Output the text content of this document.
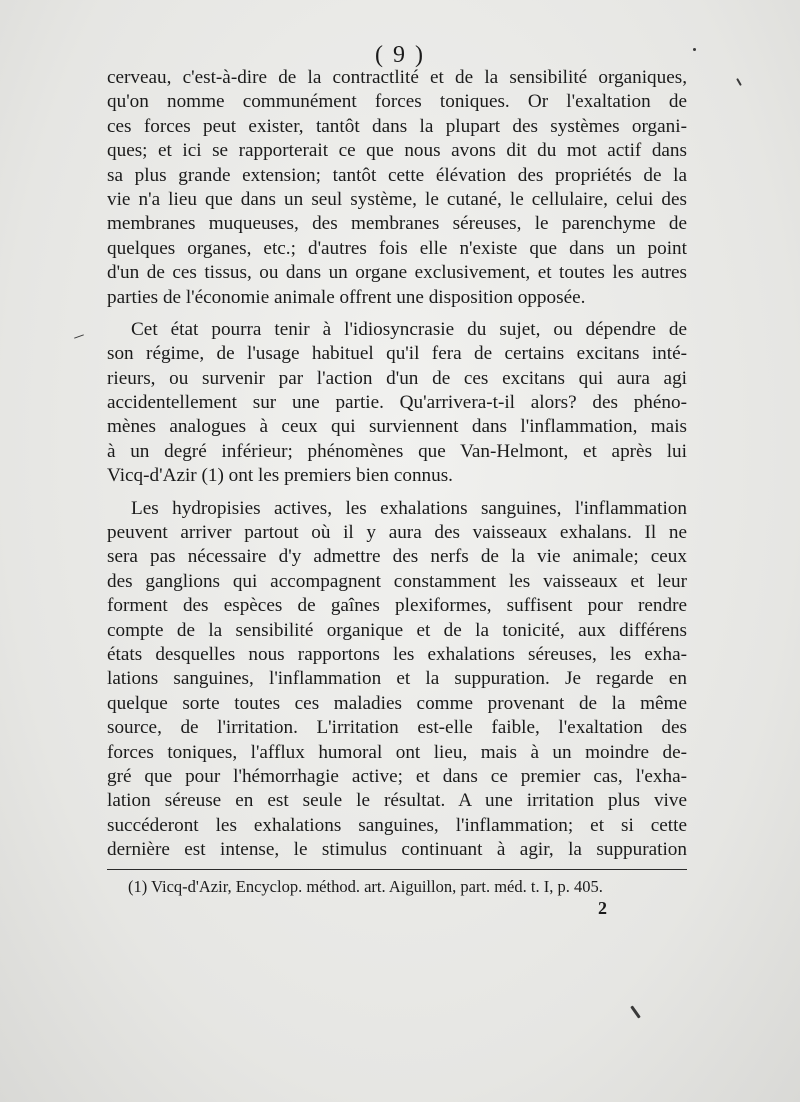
( 9 )
cerveau, c'est-à-dire de la contractlité et de la sensibilité organiques,
qu'on nomme communément forces toniques. Or l'exaltation de
ces forces peut exister, tantôt dans la plupart des systèmes organi-
ques; et ici se rapporterait ce que nous avons dit du mot actif dans
sa plus grande extension; tantôt cette élévation des propriétés de la
vie n'a lieu que dans un seul système, le cutané, le cellulaire, celui des
membranes muqueuses, des membranes séreuses, le parenchyme de
quelques organes, etc.; d'autres fois elle n'existe que dans un point
d'un de ces tissus, ou dans un organe exclusivement, et toutes les autres
parties de l'économie animale offrent une disposition opposée.
Cet état pourra tenir à l'idiosyncrasie du sujet, ou dépendre de
son régime, de l'usage habituel qu'il fera de certains excitans inté-
rieurs, ou survenir par l'action d'un de ces excitans qui aura agi
accidentellement sur une partie. Qu'arrivera-t-il alors? des phéno-
mènes analogues à ceux qui surviennent dans l'inflammation, mais
à un degré inférieur; phénomènes que Van-Helmont, et après lui
Vicq-d'Azir (1) ont les premiers bien connus.
Les hydropisies actives, les exhalations sanguines, l'inflammation
peuvent arriver partout où il y aura des vaisseaux exhalans. Il ne
sera pas nécessaire d'y admettre des nerfs de la vie animale; ceux
des ganglions qui accompagnent constamment les vaisseaux et leur
forment des espèces de gaînes plexiformes, suffisent pour rendre
compte de la sensibilité organique et de la tonicité, aux différens
états desquelles nous rapportons les exhalations séreuses, les exha-
lations sanguines, l'inflammation et la suppuration. Je regarde en
quelque sorte toutes ces maladies comme provenant de la même
source, de l'irritation. L'irritation est-elle faible, l'exaltation des
forces toniques, l'afflux humoral ont lieu, mais à un moindre de-
gré que pour l'hémorrhagie active; et dans ce premier cas, l'exha-
lation séreuse en est seule le résultat. A une irritation plus vive
succéderont les exhalations sanguines, l'inflammation; et si cette
dernière est intense, le stimulus continuant à agir, la suppuration
(1) Vicq-d'Azir, Encyclop. méthod. art. Aiguillon, part. méd. t. I, p. 405.
2
